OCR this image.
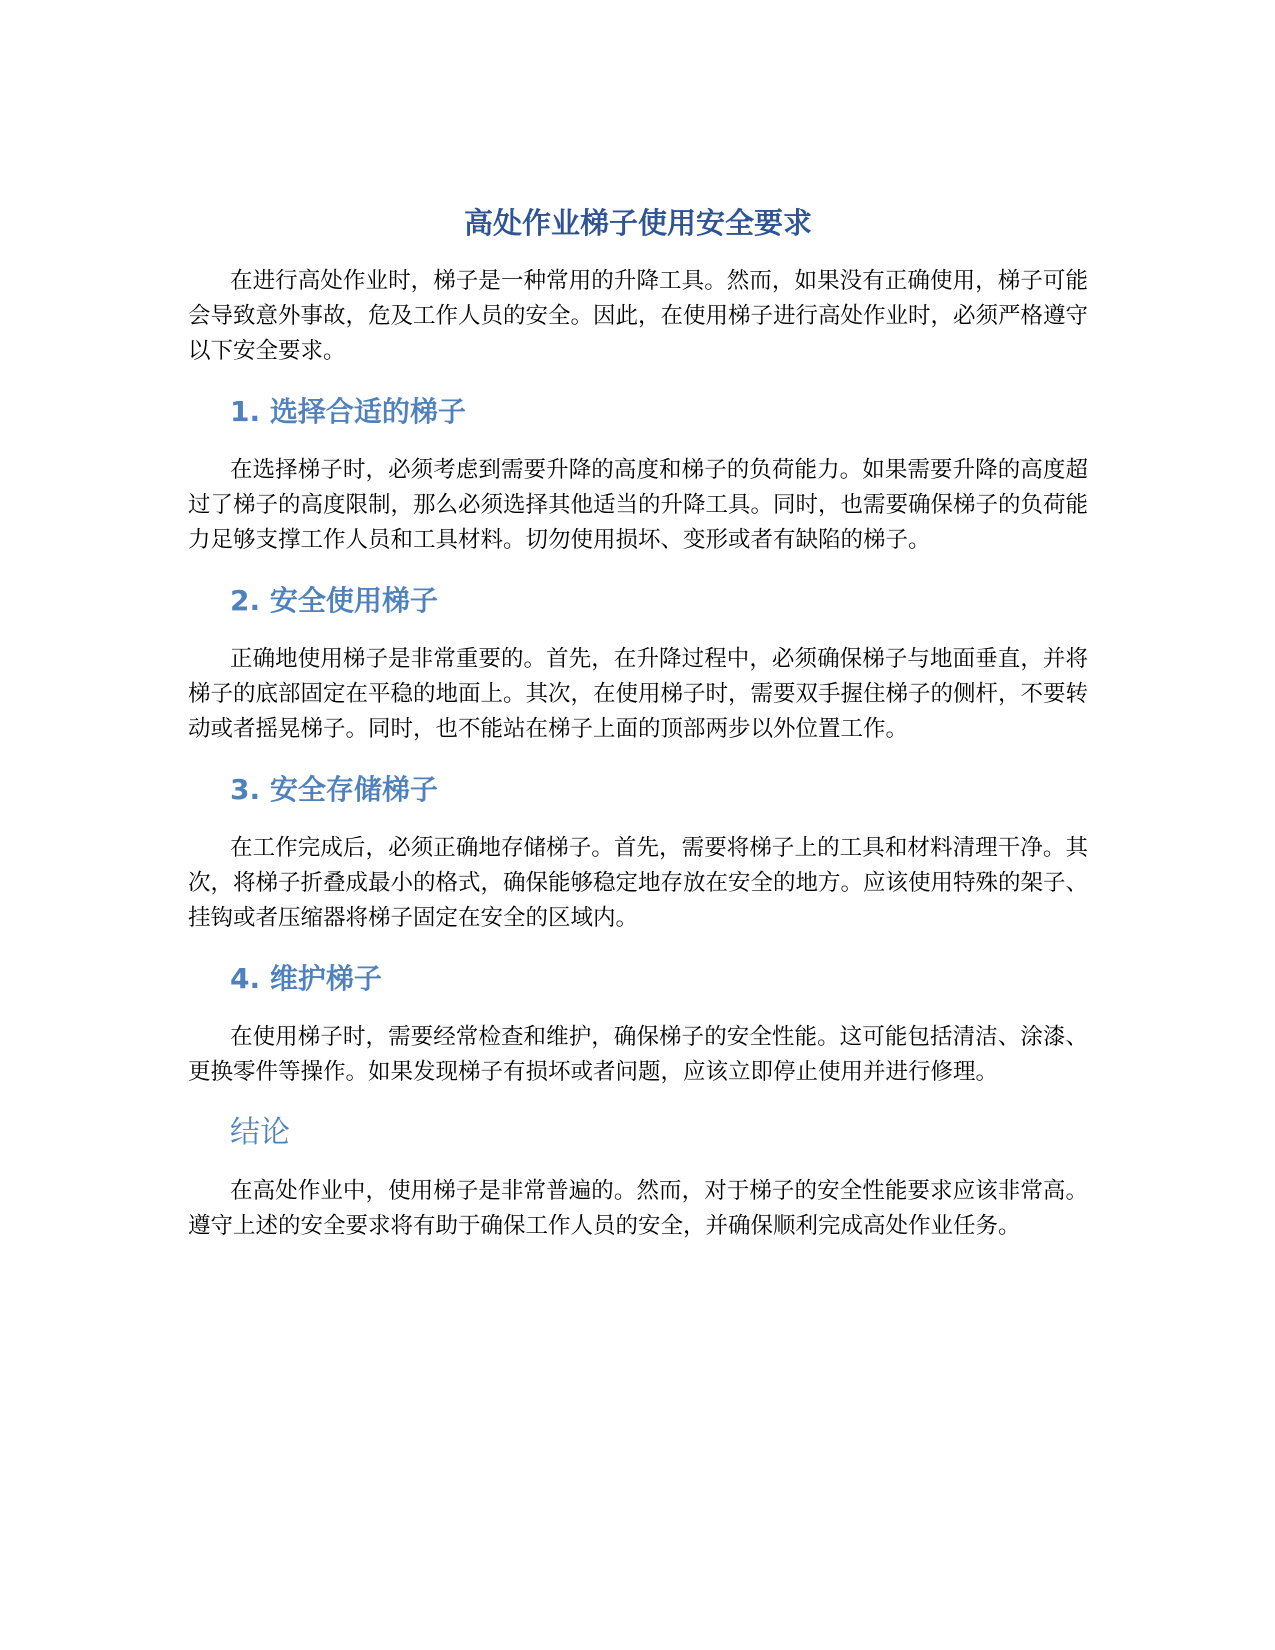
高处作业梯子使用安全要求

在进行高处作业时，梯子是一种常用的升降工具。然而，如果没有正确使用，梯子可能会导致意外事故，危及工作人员的安全。因此，在使用梯子进行高处作业时，必须严格遵守以下安全要求。

1. 选择合适的梯子

在选择梯子时，必须考虑到需要升降的高度和梯子的负荷能力。如果需要升降的高度超过了梯子的高度限制，那么必须选择其他适当的升降工具。同时，也需要确保梯子的负荷能力足够支撑工作人员和工具材料。切勿使用损坏、变形或者有缺陷的梯子。

2. 安全使用梯子

正确地使用梯子是非常重要的。首先，在升降过程中，必须确保梯子与地面垂直，并将梯子的底部固定在平稳的地面上。其次，在使用梯子时，需要双手握住梯子的侧杆，不要转动或者摇晃梯子。同时，也不能站在梯子上面的顶部两步以外位置工作。

3. 安全存储梯子

在工作完成后，必须正确地存储梯子。首先，需要将梯子上的工具和材料清理干净。其次，将梯子折叠成最小的格式，确保能够稳定地存放在安全的地方。应该使用特殊的架子、挂钩或者压缩器将梯子固定在安全的区域内。

4. 维护梯子

在使用梯子时，需要经常检查和维护，确保梯子的安全性能。这可能包括清洁、涂漆、更换零件等操作。如果发现梯子有损坏或者问题，应该立即停止使用并进行修理。

结论

在高处作业中，使用梯子是非常普遍的。然而，对于梯子的安全性能要求应该非常高。遵守上述的安全要求将有助于确保工作人员的安全，并确保顺利完成高处作业任务。
